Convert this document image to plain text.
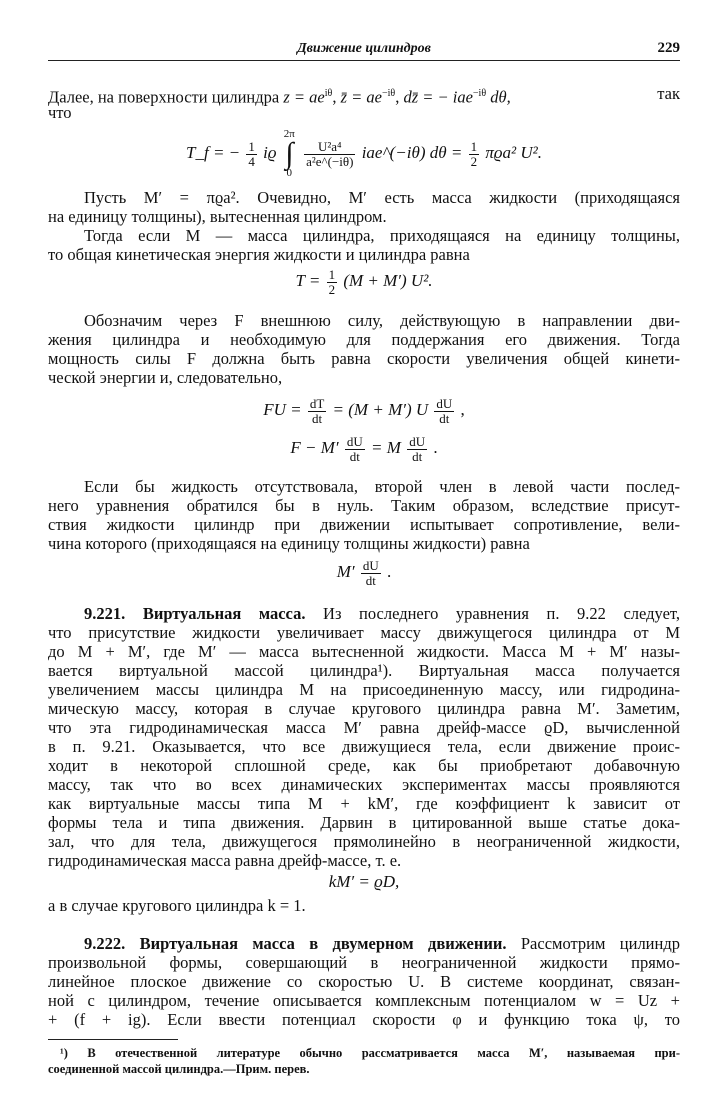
Движение цилиндров	229
Далее, на поверхности цилиндра $z = ae^{i\theta}$, z̄ = $ae^{-i\theta}$, dz̄ = − iae$^{-i\theta}$ dθ,	так
что
T_f = − $\frac{1}{4}$ iϱ 2π
∫
0
$\frac{\text{U²a⁴}}{\text{a²e\textasciicircum{}(−iθ)}}$ iae^(−iθ) $d\theta = \frac{1}{2} \pi ϱa^2$ U².
Пусть M′ = πϱa². Очевидно, M′ есть масса жидкости (приходящаяся
на единицу толщины), вытесненная цилиндром.
Тогда если M — масса цилиндра, приходящаяся на единицу толщины,
то общая кинетическая энергия жидкости и цилиндра равна
$T = \frac{1}{2} (M + M')$ U².
Обозначим через F внешнюю силу, действующую в направлении дви-
жения цилиндра и необходимую для поддержания его движения. Тогда
мощность силы F должна быть равна скорости увеличения общей кинети-
ческой энергии и, следовательно,
FU = $\frac{dT}{dt} = (M + M')$ U $\frac{dU}{dt}$ ,
$F - M' \frac{dU}{dt} = M \frac{dU}{dt}$ .
Если бы жидкость отсутствовала, второй член в левой части послед-
него уравнения обратился бы в нуль. Таким образом, вследствие присут-
ствия жидкости цилиндр при движении испытывает сопротивление, вели-
чина которого (приходящаяся на единицу толщины жидкости) равна
$M' \frac{dU}{dt}$ .
9.221. Виртуальная масса. Из последнего уравнения п. 9.22 следует,
что присутствие жидкости увеличивает массу движущегося цилиндра от M
до M + M′, где M′ — масса вытесненной жидкости. Масса M + M′ назы-
вается виртуальной массой цилиндра¹). Виртуальная масса получается
увеличением массы цилиндра M на присоединенную массу, или гидродина-
мическую массу, которая в случае кругового цилиндра равна M′. Заметим,
что эта гидродинамическая масса M′ равна дрейф-массе ϱD, вычисленной
в п. 9.21. Оказывается, что все движущиеся тела, если движение проис-
ходит в некоторой сплошной среде, как бы приобретают добавочную
массу, так что во всех динамических экспериментах массы проявляются
как виртуальные массы типа M + kM′, где коэффициент k зависит от
формы тела и типа движения. Дарвин в цитированной выше статье дока-
зал, что для тела, движущегося прямолинейно в неограниченной жидкости,
гидродинамическая масса равна дрейф-массе, т. е.
kM′ = ϱD,
а в случае кругового цилиндра k = 1.
9.222. Виртуальная масса в двумерном движении. Рассмотрим цилиндр
произвольной формы, совершающий в неограниченной жидкости прямо-
линейное плоское движение со скоростью U. В системе координат, связан-
ной с цилиндром, течение описывается комплексным потенциалом w = Uz +
+ (f + ig). Если ввести потенциал скорости φ и функцию тока ψ, то
¹) В отечественной литературе обычно рассматривается масса M′, называемая при-
соединенной массой цилиндра.—Прим. перев.
